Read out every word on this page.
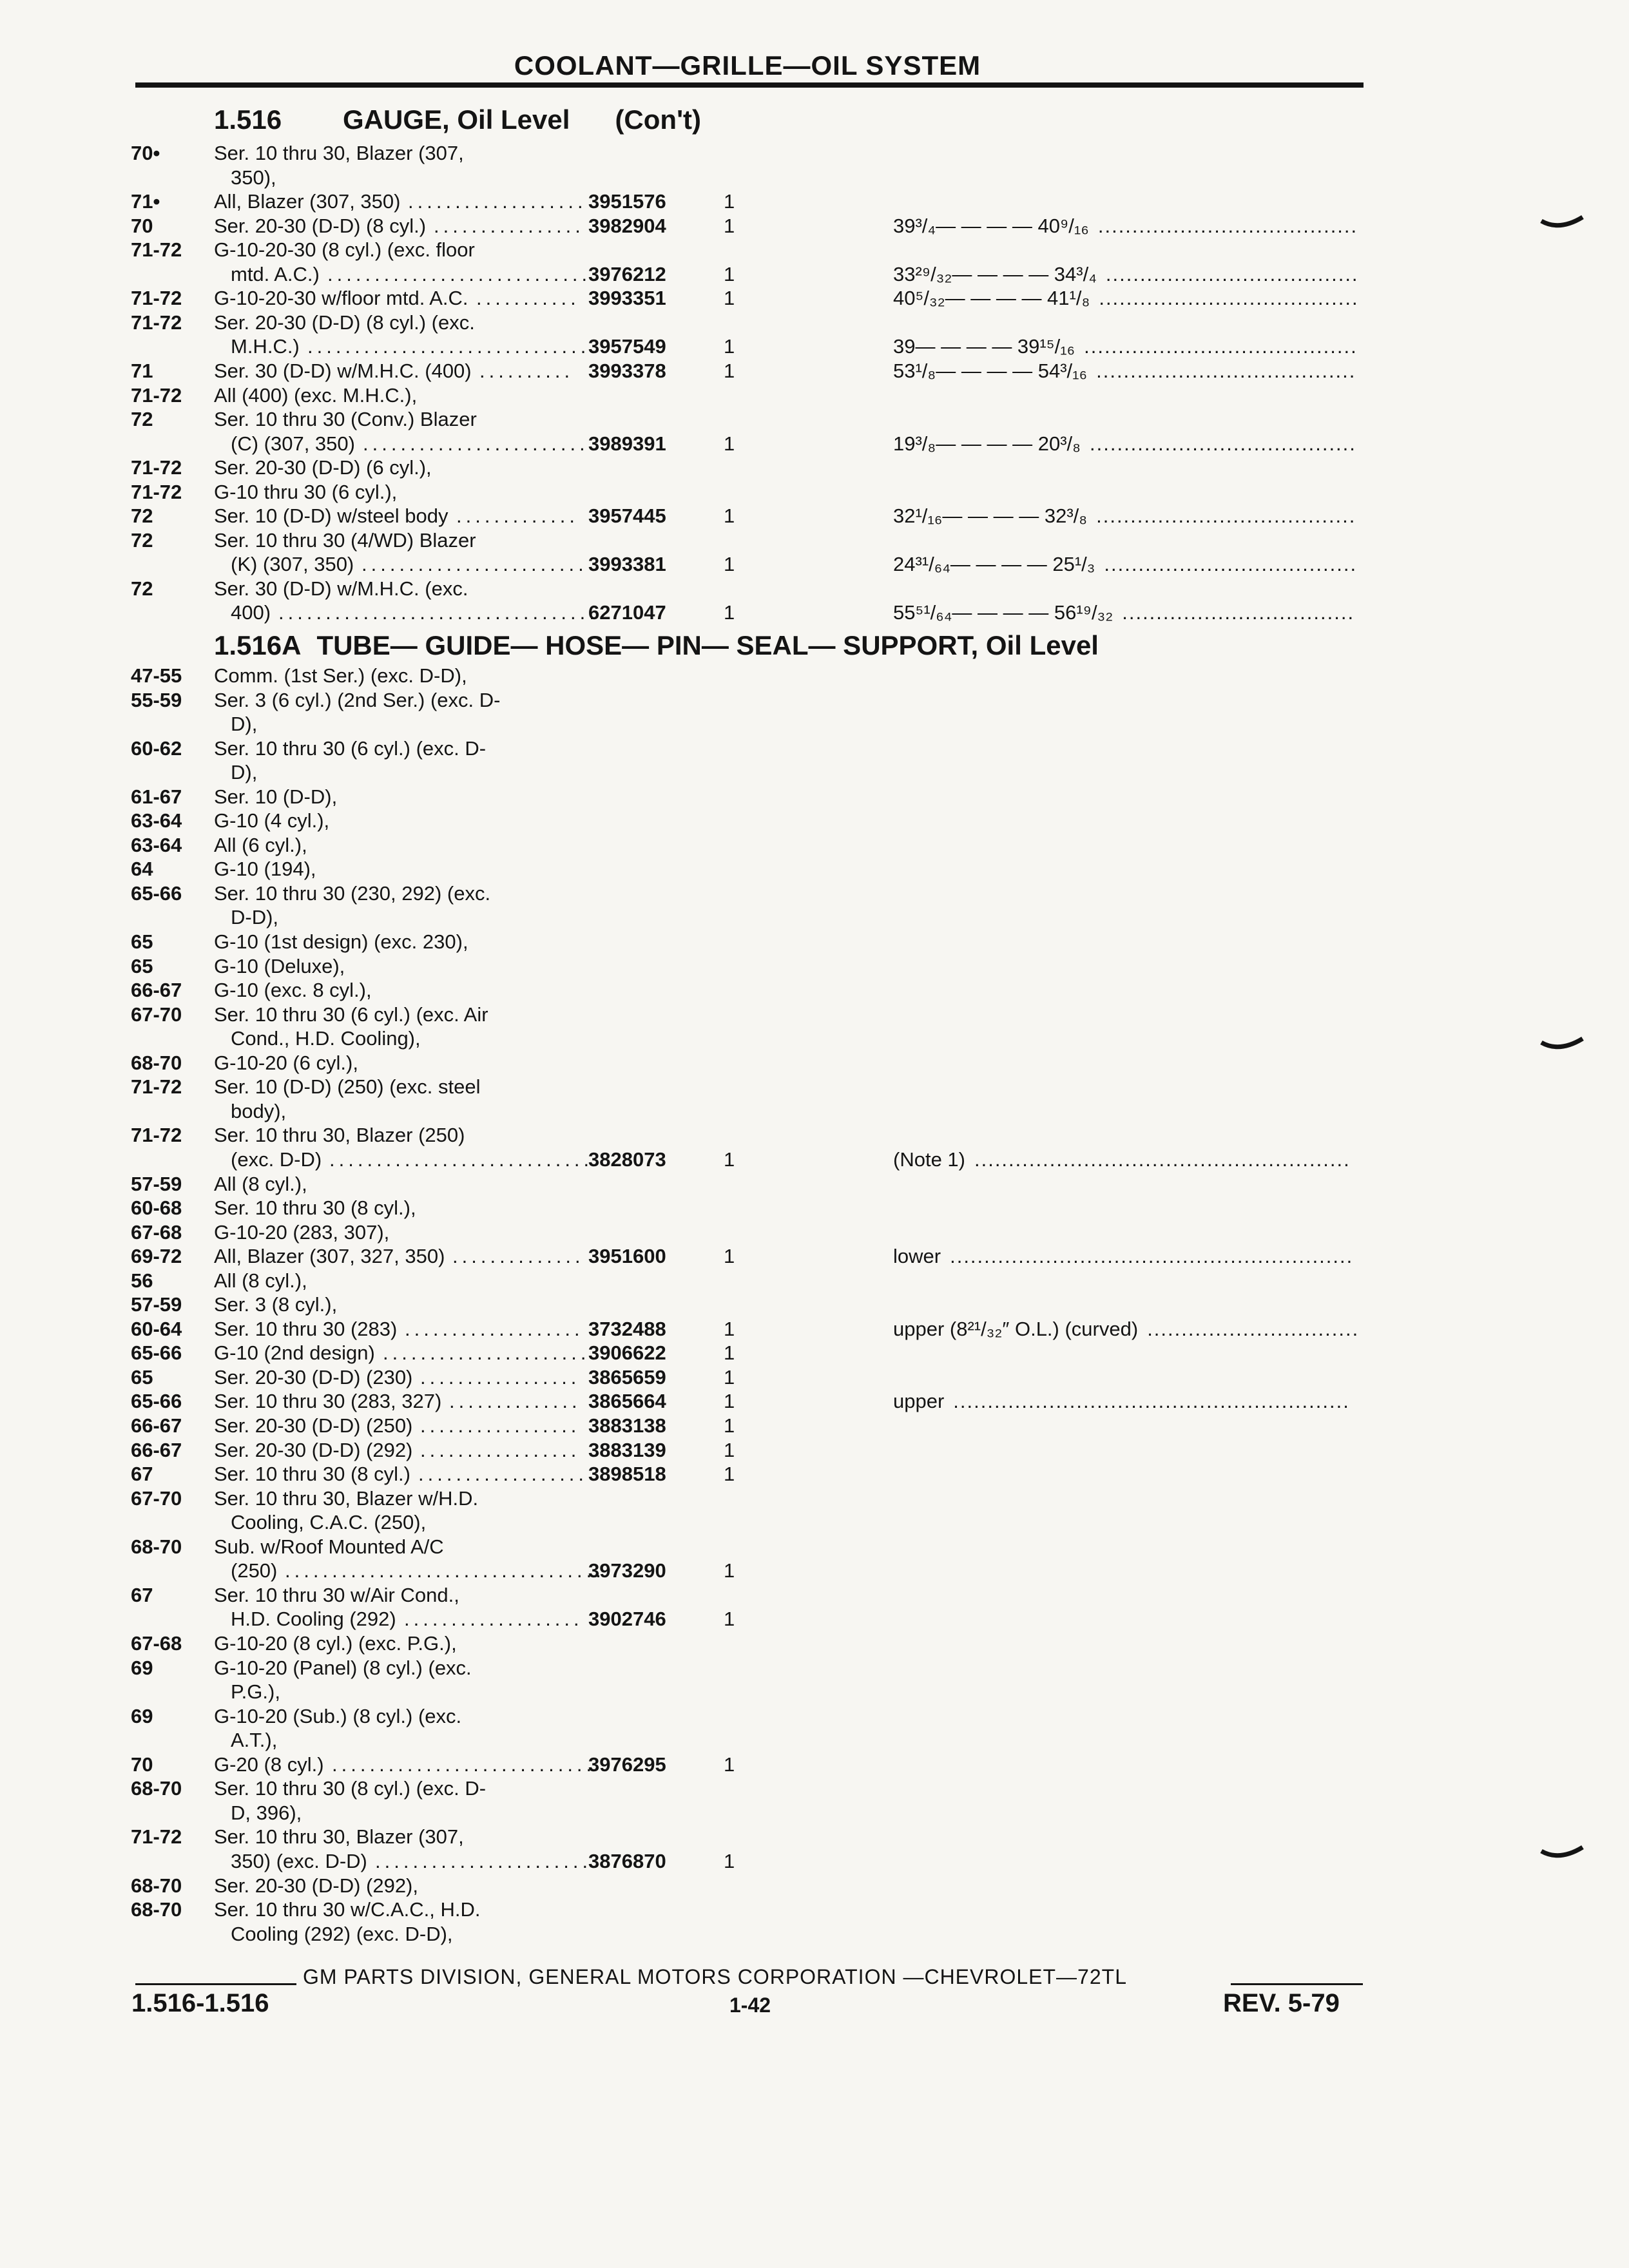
COOLANT—GRILLE—OIL SYSTEM
70•	Ser. 10 thru 30, Blazer (307,
350),
71•	All, Blazer (307, 350) ................... 3951576	1
70	Ser. 20-30 (D-D) (8 cyl.) ................ 3982904	1	39³/₄— — — — 40⁹/₁₆ ......................................
71-72 G-10-20-30 (8 cyl.) (exc. floor
mtd. A.C.) ............................
3976212	1	33²⁹/₃₂— — — — 34³/₄ .....................................
71-72 G-10-20-30 w/floor mtd. A.C. ........... 3993351	1	40⁵/₃₂— — — — 41¹/₈ ......................................
71-72 Ser. 20-30 (D-D) (8 cyl.) (exc.
M.H.C.) ...............................
3957549	1	39— — — — 39¹⁵/₁₆ ........................................
71	Ser. 30 (D-D) w/M.H.C. (400) .......... 3993378	1	53¹/₈— — — — 54³/₁₆ ......................................
71-72 All (400) (exc. M.H.C.),
72	Ser. 10 thru 30 (Conv.) Blazer
(C) (307, 350) ........................ 3989391	1	19³/₈— — — — 20³/₈ .......................................
71-72 Ser. 20-30 (D-D) (6 cyl.),
71-72 G-10 thru 30 (6 cyl.),
72	Ser. 10 (D-D) w/steel body ............. 3957445	1	32¹/₁₆— — — — 32³/₈ ......................................
72	Ser. 10 thru 30 (4/WD) Blazer
(K) (307, 350) ........................ 3993381	1	24³¹/₆₄— — — — 25¹/₃ .....................................
72	Ser. 30 (D-D) w/M.H.C. (exc.
400) ..................................
6271047	1	55⁵¹/₆₄— — — — 56¹⁹/₃₂ ..................................
47-55 Comm. (1st Ser.) (exc. D-D),
55-59 Ser. 3 (6 cyl.) (2nd Ser.) (exc. D-
D),
60-62 Ser. 10 thru 30 (6 cyl.) (exc. D-
D),
61-67 Ser. 10 (D-D),
63-64 G-10 (4 cyl.),
63-64 All (6 cyl.),
64	G-10 (194),
65-66 Ser. 10 thru 30 (230, 292) (exc.
D-D),
65	G-10 (1st design) (exc. 230),
65	G-10 (Deluxe),
66-67 G-10 (exc. 8 cyl.),
67-70 Ser. 10 thru 30 (6 cyl.) (exc. Air
Cond., H.D. Cooling),
68-70 G-10-20 (6 cyl.),
71-72 Ser. 10 (D-D) (250) (exc. steel
body),
71-72 Ser. 10 thru 30, Blazer (250)
(exc. D-D) ............................
3828073	1	(Note 1) .......................................................
57-59 All (8 cyl.),
60-68 Ser. 10 thru 30 (8 cyl.),
67-68 G-10-20 (283, 307),
69-72 All, Blazer (307, 327, 350) .............. 3951600	1	lower ...........................................................
56	All (8 cyl.),
57-59 Ser. 3 (8 cyl.),
60-64 Ser. 10 thru 30 (283) ................... 3732488	1	upper (8²¹/₃₂″ O.L.) (curved) ...............................
65-66 G-10 (2nd design) ......................
3906622	1
65	Ser. 20-30 (D-D) (230) ................. 3865659	1
65-66 Ser. 10 thru 30 (283, 327) .............. 3865664	1	upper ..........................................................
66-67 Ser. 20-30 (D-D) (250) ................. 3883138	1
66-67 Ser. 20-30 (D-D) (292) ................. 3883139	1
67	Ser. 10 thru 30 (8 cyl.) .................. 3898518	1
67-70 Ser. 10 thru 30, Blazer w/H.D.
Cooling, C.A.C. (250),
68-70 Sub. w/Roof Mounted A/C
(250) ..................................
3973290	1
67	Ser. 10 thru 30 w/Air Cond.,
H.D. Cooling (292) ................... 3902746	1
67-68 G-10-20 (8 cyl.) (exc. P.G.),
69	G-10-20 (Panel) (8 cyl.) (exc.
P.G.),
69	G-10-20 (Sub.) (8 cyl.) (exc.
A.T.),
70	G-20 (8 cyl.) ............................
3976295	1
68-70 Ser. 10 thru 30 (8 cyl.) (exc. D-
D, 396),
71-72 Ser. 10 thru 30, Blazer (307,
350) (exc. D-D) .......................
3876870	1
68-70 Ser. 20-30 (D-D) (292),
68-70 Ser. 10 thru 30 w/C.A.C., H.D.
Cooling (292) (exc. D-D),
1.516 GAUGE, Oil Level (Con't)
1.516A TUBE— GUIDE— HOSE— PIN— SEAL— SUPPORT, Oil Level
GM PARTS DIVISION, GENERAL MOTORS CORPORATION —CHEVROLET—72TL
1.516-1.516	1-42	REV. 5-79
